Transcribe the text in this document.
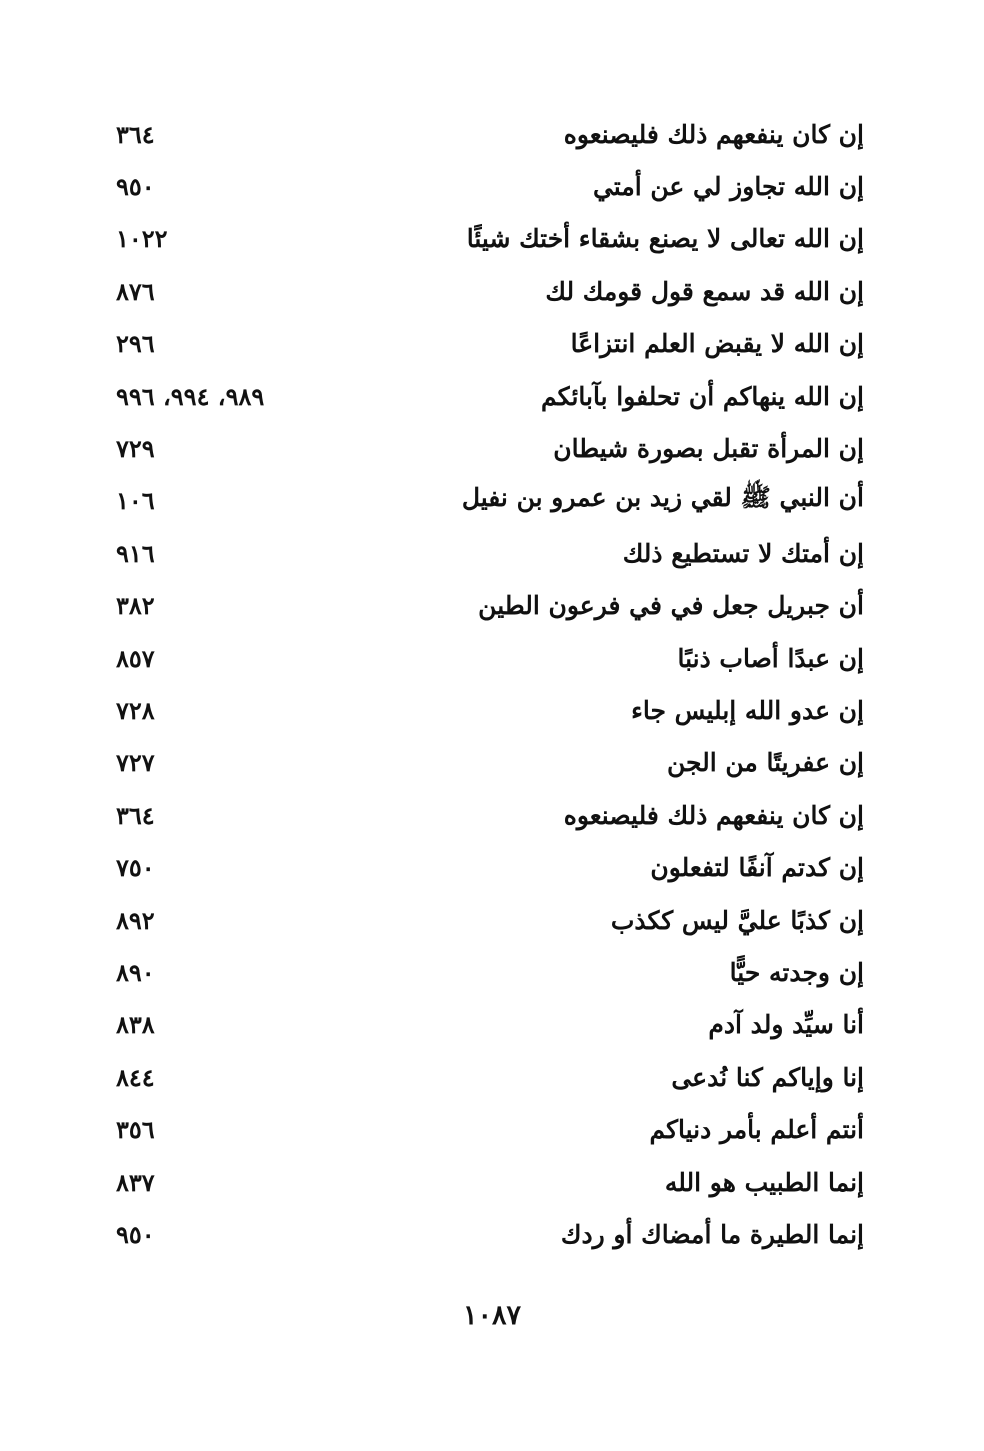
٣٦٤	إن كان ينفعهم ذلك فليصنعوه
٩٥٠	إن الله تجاوز لي عن أمتي
١٠٢٢	إن الله تعالى لا يصنع بشقاء أختك شيئًا
٨٧٦	إن الله قد سمع قول قومك لك
٢٩٦	إن الله لا يقبض العلم انتزاعًا
٩٨٩، ٩٩٤، ٩٩٦	إن الله ينهاكم أن تحلفوا بآبائكم
٧٢٩	إن المرأة تقبل بصورة شيطان
١٠٦	أن النبي ﷺ لقي زيد بن عمرو بن نفيل
٩١٦	إن أمتك لا تستطيع ذلك
٣٨٢	أن جبريل جعل في في فرعون الطين
٨٥٧	إن عبدًا أصاب ذنبًا
٧٢٨	إن عدو الله إبليس جاء
٧٢٧	إن عفريتًا من الجن
٣٦٤	إن كان ينفعهم ذلك فليصنعوه
٧٥٠	إن كدتم آنفًا لتفعلون
٨٩٢	إن كذبًا عليَّ ليس ككذب
٨٩٠	إن وجدته حيًّا
٨٣٨	أنا سيِّد ولد آدم
٨٤٤	إنا وإياكم كنا نُدعى
٣٥٦	أنتم أعلم بأمر دنياكم
٨٣٧	إنما الطبيب هو الله
٩٥٠	إنما الطيرة ما أمضاك أو ردك
١٠٨٧
